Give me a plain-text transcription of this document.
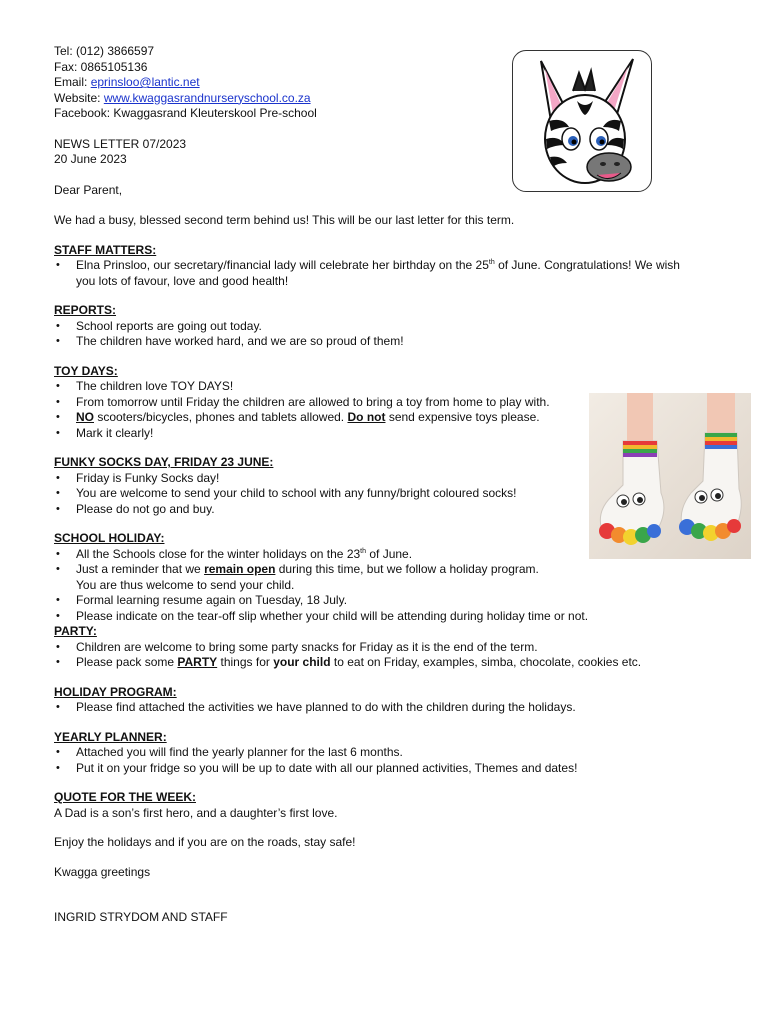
Tel: (012) 3866597
Fax: 0865105136
Email: eprinsloo@lantic.net
Website: www.kwaggasrandnurseryschool.co.za
Facebook: Kwaggasrand Kleuterskool Pre-school
NEWS LETTER 07/2023
20 June 2023
Dear Parent,
We had a busy, blessed second term behind us! This will be our last letter for this term.
STAFF MATTERS:
• Elna Prinsloo, our secretary/financial lady will celebrate her birthday on the 25th of June. Congratulations! We wish
you lots of favour, love and good health!
REPORTS:
• School reports are going out today.
• The children have worked hard, and we are so proud of them!
TOY DAYS:
• The children love TOY DAYS!
• From tomorrow until Friday the children are allowed to bring a toy from home to play with.
• NO scooters/bicycles, phones and tablets allowed. Do not send expensive toys please.
• Mark it clearly!
FUNKY SOCKS DAY, FRIDAY 23 JUNE:
• Friday is Funky Socks day!
• You are welcome to send your child to school with any funny/bright coloured socks!
• Please do not go and buy.
SCHOOL HOLIDAY:
• All the Schools close for the winter holidays on the 23th of June.
• Just a reminder that we remain open during this time, but we follow a holiday program.
You are thus welcome to send your child.
• Formal learning resume again on Tuesday, 18 July.
• Please indicate on the tear-off slip whether your child will be attending during holiday time or not.
PARTY:
• Children are welcome to bring some party snacks for Friday as it is the end of the term.
• Please pack some PARTY things for your child to eat on Friday, examples, simba, chocolate, cookies etc.
HOLIDAY PROGRAM:
• Please find attached the activities we have planned to do with the children during the holidays.
YEARLY PLANNER:
• Attached you will find the yearly planner for the last 6 months.
• Put it on your fridge so you will be up to date with all our planned activities, Themes and dates!
QUOTE FOR THE WEEK:
A Dad is a son’s first hero, and a daughter’s first love.
Enjoy the holidays and if you are on the roads, stay safe!
Kwagga greetings
INGRID STRYDOM AND STAFF
